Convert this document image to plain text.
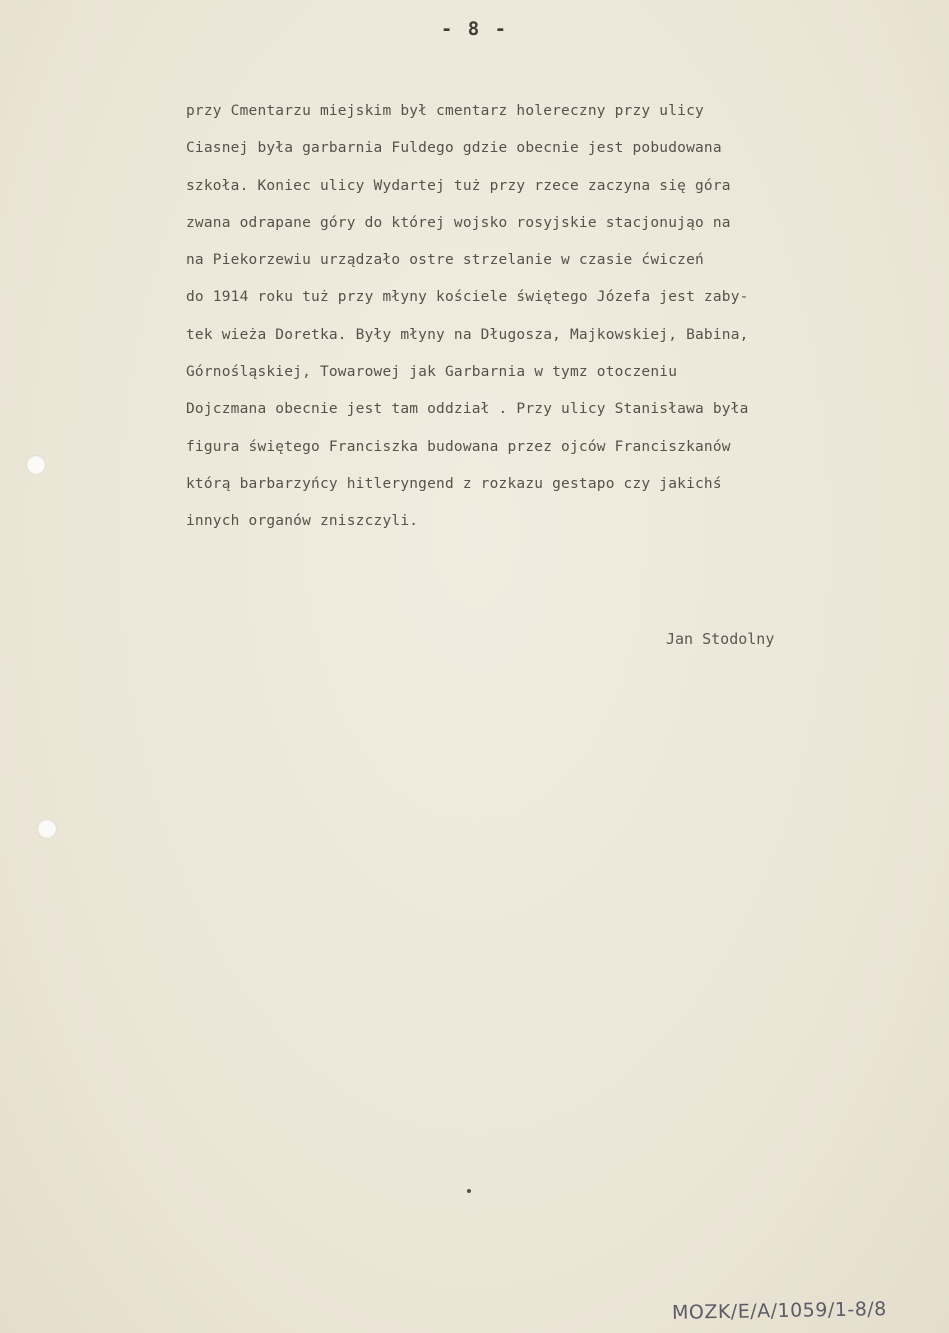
- 8 -
przy Cmentarzu miejskim był cmentarz holereczny przy ulicy
Ciasnej była garbarnia Fuldego gdzie obecnie jest pobudowana
szkoła. Koniec ulicy Wydartej tuż przy rzece zaczyna się góra
zwana odrapane góry do której wojsko rosyjskie stacjonująo na
na Piekorzewiu urządzało ostre strzelanie w czasie ćwiczeń
do 1914 roku tuż przy młyny kościele świętego Józefa jest zaby-
tek wieża Doretka. Były młyny na Długosza, Majkowskiej, Babina,
Górnośląskiej, Towarowej jak Garbarnia w tymz otoczeniu
Dojczmana obecnie jest tam oddział . Przy ulicy Stanisława była
figura świętego Franciszka budowana przez ojców Franciszkanów
którą barbarzyńcy hitleryngend z rozkazu gestapo czy jakichś
innych organów zniszczyli.
Jan Stodolny
MOZK/E/A/1059/1-8/8
